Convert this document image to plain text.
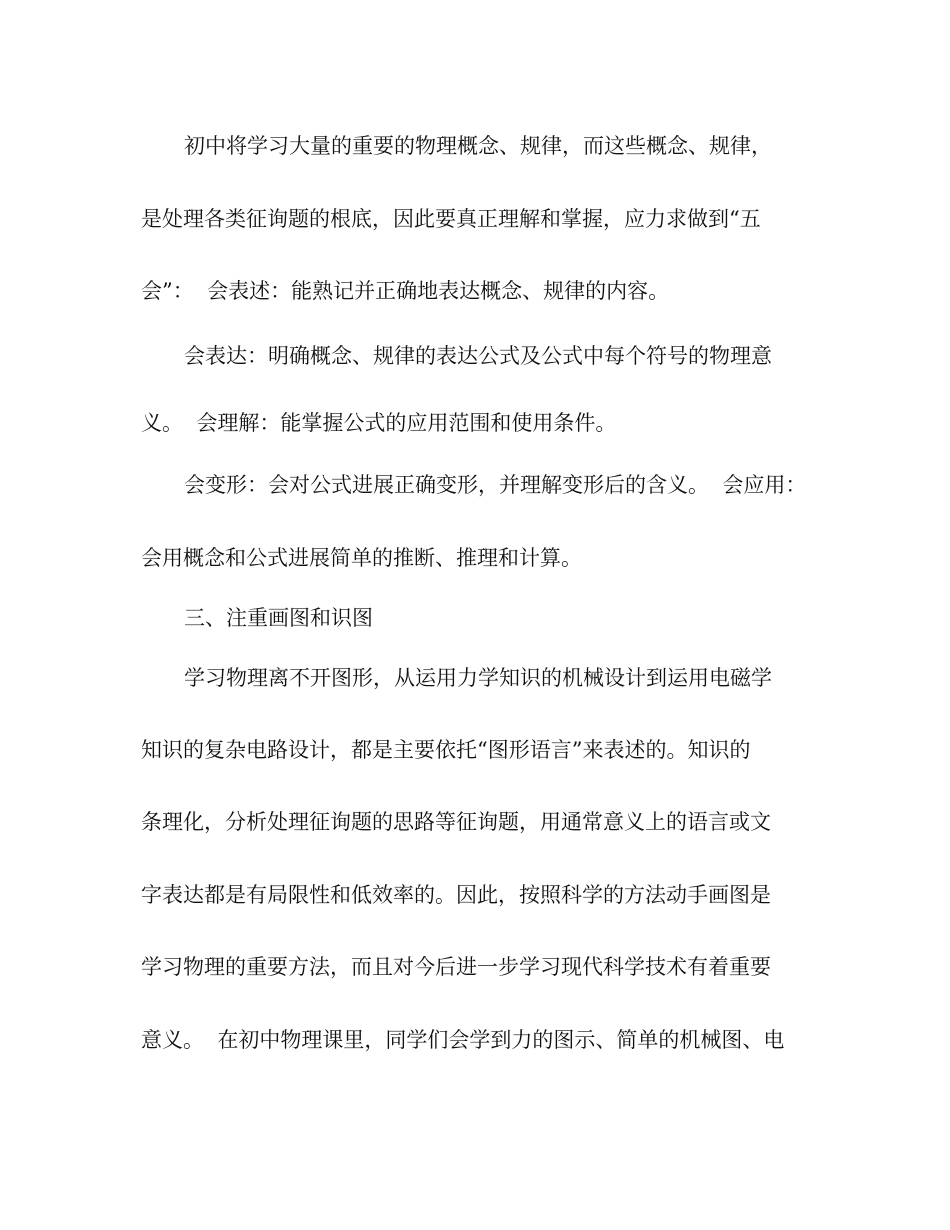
初中将学习大量的重要的物理概念、规律，而这些概念、规律，
是处理各类征询题的根底，因此要真正理解和掌握，应力求做到“五
会”：  会表述：能熟记并正确地表达概念、规律的内容。
会表达：明确概念、规律的表达公式及公式中每个符号的物理意
义。  会理解：能掌握公式的应用范围和使用条件。
会变形：会对公式进展正确变形，并理解变形后的含义。  会应用：
会用概念和公式进展简单的推断、推理和计算。
三、注重画图和识图
学习物理离不开图形，从运用力学知识的机械设计到运用电磁学
知识的复杂电路设计，都是主要依托“图形语言”来表述的。知识的
条理化，分析处理征询题的思路等征询题，用通常意义上的语言或文
字表达都是有局限性和低效率的。因此，按照科学的方法动手画图是
学习物理的重要方法，而且对今后进一步学习现代科学技术有着重要
意义。  在初中物理课里，同学们会学到力的图示、简单的机械图、电
